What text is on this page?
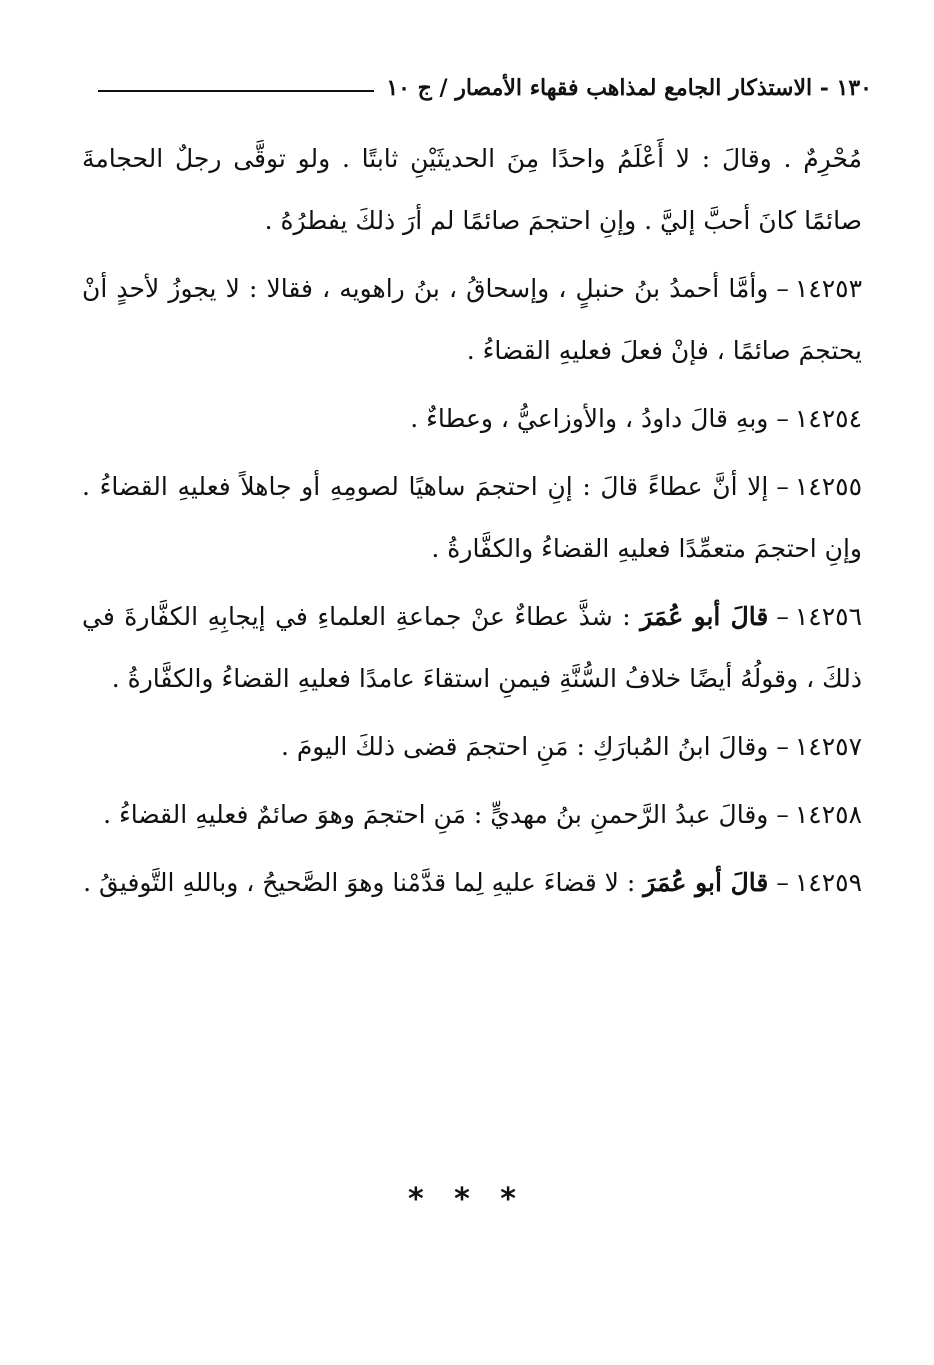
١٣٠ - الاستذكار الجامع لمذاهب فقهاء الأمصار / ج ١٠

مُحْرِمٌ . وقالَ : لا أَعْلَمُ واحدًا مِنَ الحديثَيْنِ ثابتًا . ولو توقَّى رجلٌ الحجامةَ صائمًا كانَ أحبَّ إليَّ . وإنِ احتجمَ صائمًا لم أرَ ذلكَ يفطرُهُ .

١٤٢٥٣–وأمَّا أحمدُ بنُ حنبلٍ ، وإسحاقُ ، بنُ راهويه ، فقالا : لا يجوزُ لأحدٍ أنْ يحتجمَ صائمًا ، فإنْ فعلَ فعليهِ القضاءُ .

١٤٢٥٤–وبهِ قالَ داودُ ، والأوزاعيُّ ، وعطاءٌ .

١٤٢٥٥–إلا أنَّ عطاءً قالَ : إنِ احتجمَ ساهيًا لصومِهِ أو جاهلاً فعليهِ القضاءُ . وإنِ احتجمَ متعمِّدًا فعليهِ القضاءُ والكفَّارةُ .

١٤٢٥٦–قالَ أبو عُمَرَ : شذَّ عطاءٌ عنْ جماعةِ العلماءِ في إيجابِهِ الكفَّارةَ في ذلكَ ، وقولُهُ أيضًا خلافُ السُّنَّةِ فيمنِ استقاءَ عامدًا فعليهِ القضاءُ والكفَّارةُ .

١٤٢٥٧–وقالَ ابنُ المُبارَكِ : مَنِ احتجمَ قضى ذلكَ اليومَ .

١٤٢٥٨–وقالَ عبدُ الرَّحمنِ بنُ مهديٍّ : مَنِ احتجمَ وهوَ صائمٌ فعليهِ القضاءُ .

١٤٢٥٩–قالَ أبو عُمَرَ : لا قضاءَ عليهِ لِما قدَّمْنا وهوَ الصَّحيحُ ، وباللهِ التَّوفيقُ .

* * *
